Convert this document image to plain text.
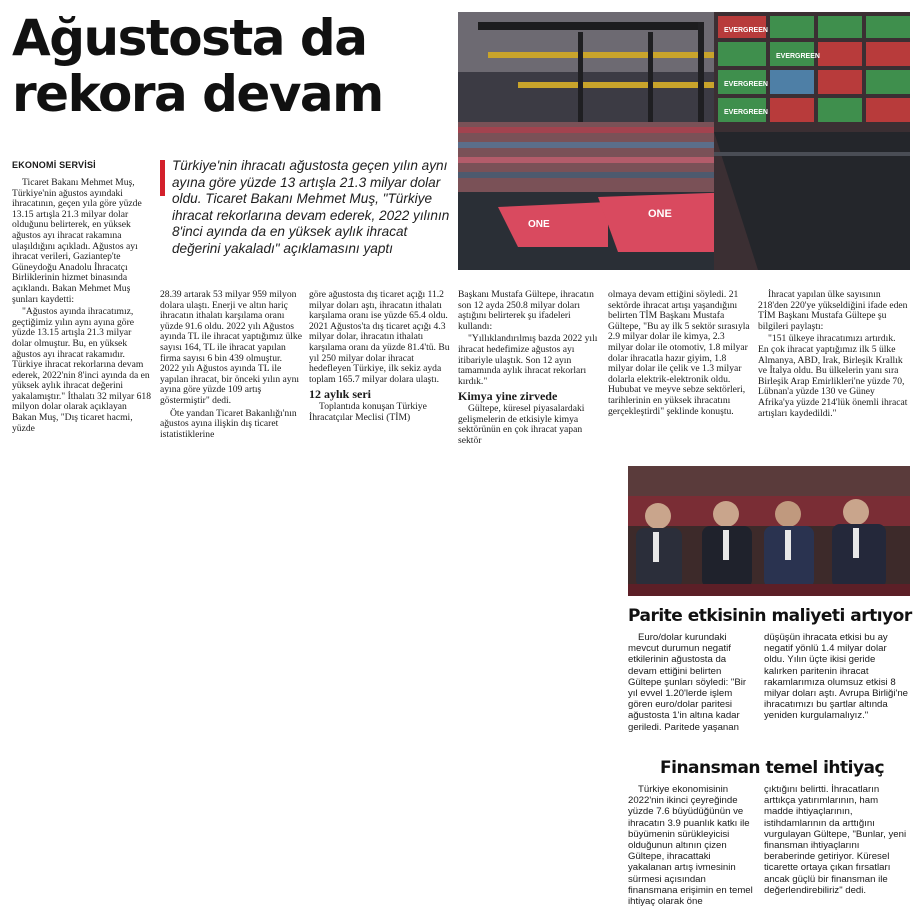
Ağustosta da
rekora devam
EKONOMİ SERVİSİ

Ticaret Bakanı Mehmet Muş, Türkiye'nin ağustos ayındaki ihracatının, geçen yıla göre yüzde 13.15 artışla 21.3 milyar dolar olduğunu belirterek, en yüksek ağustos ayı ihracat rakamına ulaşıldığını açıkladı. Ağustos ayı ihracat verileri, Gaziantep'te Güneydoğu Anadolu İhracatçı Birliklerinin hizmet binasında açıklandı. Bakan Mehmet Muş şunları kaydetti:

"Ağustos ayında ihracatımız, geçtiğimiz yılın aynı ayına göre yüzde 13.15 artışla 21.3 milyar dolar olmuştur. Bu, en yüksek ağustos ayı ihracat rakamıdır. Türkiye ihracat rekorlarına devam ederek, 2022'nin 8'inci ayında da en yüksek aylık ihracat değerini yakalamıştır." İthalatı 32 milyar 618 milyon dolar olarak açıklayan Bakan Muş, "Dış ticaret hacmi, yüzde

Türkiye'nin ihracatı ağustosta geçen yılın aynı ayına göre yüzde 13 artışla 21.3 milyar dolar oldu. Ticaret Bakanı Mehmet Muş, "Türkiye ihracat rekorlarına devam ederek, 2022 yılının 8'inci ayında da en yüksek aylık ihracat değerini yakaladı" açıklamasını yaptı

28.39 artarak 53 milyar 959 milyon dolara ulaştı. Enerji ve altın hariç ihracatın ithalatı karşılama oranı yüzde 91.6 oldu. 2022 yılı Ağustos ayında TL ile ihracat yaptığımız ülke sayısı 164, TL ile ihracat yapılan firma sayısı 6 bin 439 olmuştur. 2022 yılı Ağustos ayında TL ile yapılan ihracat, bir önceki yılın aynı ayına göre yüzde 109 artış göstermiştir" dedi.

Öte yandan Ticaret Bakanlığı'nın ağustos ayına ilişkin dış ticaret istatistiklerine

göre ağustosta dış ticaret açığı 11.2 milyar doları aştı, ihracatın ithalatı karşılama oranı ise yüzde 65.4 oldu. 2021 Ağustos'ta dış ticaret açığı 4.3 milyar dolar, ihracatın ithalatı karşılama oranı da yüzde 81.4'tü. Bu yıl 250 milyar dolar ihracat hedefleyen Türkiye, ilk sekiz ayda toplam 165.7 milyar dolara ulaştı.

12 aylık seri

Toplantıda konuşan Türkiye İhracatçılar Meclisi (TİM)

Başkanı Mustafa Gültepe, ihracatın son 12 ayda 250.8 milyar doları aştığını belirterek şu ifadeleri kullandı:

"Yıllıklandırılmış bazda 2022 yılı ihracat hedefimize ağustos ayı itibariyle ulaştık. Son 12 ayın tamamında aylık ihracat rekorları kırdık."

Kimya yine zirvede

Gültepe, küresel piyasalardaki gelişmelerin de etkisiyle kimya sektörünün en çok ihracat yapan sektör

olmaya devam ettiğini söyledi. 21 sektörde ihracat artışı yaşandığını belirten TİM Başkanı Mustafa Gültepe, "Bu ay ilk 5 sektör sırasıyla 2.9 milyar dolar ile kimya, 2.3 milyar dolar ile otomotiv, 1.8 milyar dolar ihracatla hazır giyim, 1.8 milyar dolar ile çelik ve 1.3 milyar dolarla elektrik-elektronik oldu. Hububat ve meyve sebze sektörleri, tarihlerinin en yüksek ihracatını gerçekleştirdi" şeklinde konuştu.

İhracat yapılan ülke sayısının 218'den 220'ye yükseldiğini ifade eden TİM Başkanı Mustafa Gültepe şu bilgileri paylaştı:

"151 ülkeye ihracatımızı artırdık. En çok ihracat yaptığımız ilk 5 ülke Almanya, ABD, Irak, Birleşik Krallık ve İtalya oldu. Bu ülkelerin yanı sıra Birleşik Arap Emirlikleri'ne yüzde 70, Lübnan'a yüzde 130 ve Güney Afrika'ya yüzde 214'lük önemli ihracat artışları kaydedildi."

ONE
ONE
EVERGREEN
EVERGREEN
EVERGREEN
EVERGREEN
Parite etkisinin maliyeti artıyor

Euro/dolar kurundaki mevcut durumun negatif etkilerinin ağustosta da devam ettiğini belirten Gültepe şunları söyledi: "Bir yıl evvel 1.20'lerde işlem gören euro/dolar paritesi ağustosta 1'in altına kadar geriledi. Paritede yaşanan

düşüşün ihracata etkisi bu ay negatif yönlü 1.4 milyar dolar oldu. Yılın üçte ikisi geride kalırken paritenin ihracat rakamlarımıza olumsuz etkisi 8 milyar doları aştı. Avrupa Birliği'ne ihracatımızı bu şartlar altında yeniden kurgulamalıyız."

Finansman temel ihtiyaç

Türkiye ekonomisinin 2022'nin ikinci çeyreğinde yüzde 7.6 büyüdüğünün ve ihracatın 3.9 puanlık katkı ile büyümenin sürükleyicisi olduğunun altının çizen Gültepe, ihracattaki yakalanan artış ivmesinin sürmesi açısından finansmana erişimin en temel ihtiyaç olarak öne

çıktığını belirtti. İhracatların arttıkça yatırımlarının, ham madde ihtiyaçlarının, istihdamlarının da arttığını vurgulayan Gültepe, "Bunlar, yeni finansman ihtiyaçlarını beraberinde getiriyor. Küresel ticarette ortaya çıkan fırsatları ancak güçlü bir finansman ile değerlendirebiliriz" dedi.
